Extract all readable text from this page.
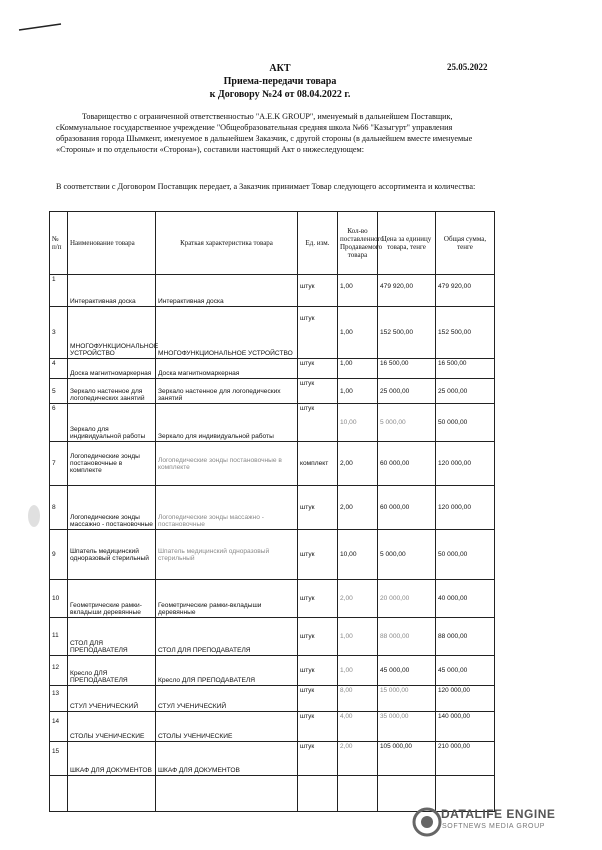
25.05.2022
АКТ
Приема-передачи товара
к Договору №24 от 08.04.2022 г.
Товарищество с ограниченной ответственностью "A.E.K GROUP", именуемый в дальнейшем Поставщик, сКоммунальное государственное учреждение "Общеобразовательная средняя школа №66 "Казыгурт" управления образования города Шымкент, именуемое в дальнейшем Заказчик, с другой стороны (в дальнейшем вместе именуемые «Стороны» и по отдельности «Сторона»), составили настоящий Акт о нижеследующем:
В соответствии с Договором Поставщик передает, а Заказчик принимает Товар следующего ассортимента и количества:
№ п/п	Наименование товара	Краткая характеристика товара	Ед. изм.	Кол-во поставленного Продаваемого товара	Цена за единицу товара, тенге	Общая сумма, тенге
1	Интерактивная доска	Интерактивная доска	штук	1,00	479 920,00	479 920,00
3	МНОГОФУНКЦИОНАЛЬНОЕ УСТРОЙСТВО	МНОГОФУНКЦИОНАЛЬНОЕ УСТРОЙСТВО	штук	1,00	152 500,00	152 500,00
4	Доска магнитномаркерная	Доска магнитномаркерная	штук	1,00	16 500,00	16 500,00
5	Зеркало настенное для логопедических занятий	Зеркало настенное для логопедических занятий	штук	1,00	25 000,00	25 000,00
6	Зеркало для индивидуальной работы	Зеркало для индивидуальной работы	штук	10,00	5 000,00	50 000,00
7	Логопедические зонды постановочные в комплекте	Логопедические зонды постановочные в комплекте	комплект	2,00	60 000,00	120 000,00
8	Логопедические зонды массажно - постановочные	Логопедические зонды массажно - постановочные	штук	2,00	60 000,00	120 000,00
9	Шпатель медицинский одноразовый стерильный	Шпатель медицинский одноразовый стерильный	штук	10,00	5 000,00	50 000,00
10	Геометрические рамки-вкладыши деревянные	Геометрические рамки-вкладыши деревянные	штук	2,00	20 000,00	40 000,00
11	СТОЛ ДЛЯ ПРЕПОДАВАТЕЛЯ	СТОЛ ДЛЯ ПРЕПОДАВАТЕЛЯ	штук	1,00	88 000,00	88 000,00
12	Кресло ДЛЯ ПРЕПОДАВАТЕЛЯ	Кресло ДЛЯ ПРЕПОДАВАТЕЛЯ	штук	1,00	45 000,00	45 000,00
13	СТУЛ УЧЕНИЧЕСКИЙ	СТУЛ УЧЕНИЧЕСКИЙ	штук	8,00	15 000,00	120 000,00
14	СТОЛЫ УЧЕНИЧЕСКИЕ	СТОЛЫ УЧЕНИЧЕСКИЕ	штук	4,00	35 000,00	140 000,00
15	ШКАФ ДЛЯ ДОКУМЕНТОВ	ШКАФ ДЛЯ ДОКУМЕНТОВ	штук	2,00	105 000,00	210 000,00

DATALIFE ENGINE
SOFTNEWS MEDIA GROUP
